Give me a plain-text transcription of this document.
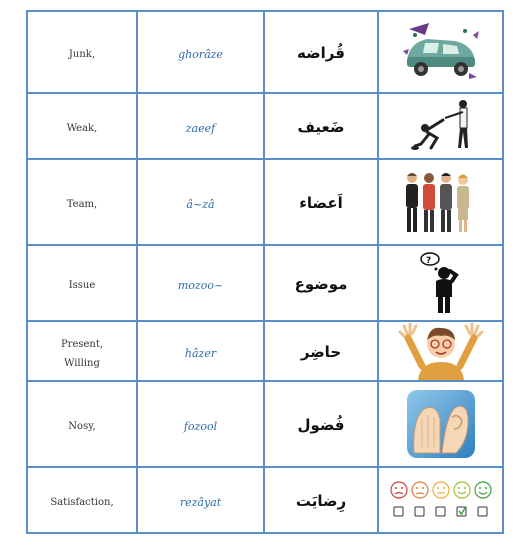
Junk,	ghorâze	قُراضه	

Weak,	zaeef	ضَعیف	

Team,	â~zâ	اَعضاء	

Issue	mozoo~	موضوع	?

Present,
Willing	hâzer	حاضِر	

Nosy,	fozool	فُضول	

Satisfaction,	rezâyat	رِضایَت	
